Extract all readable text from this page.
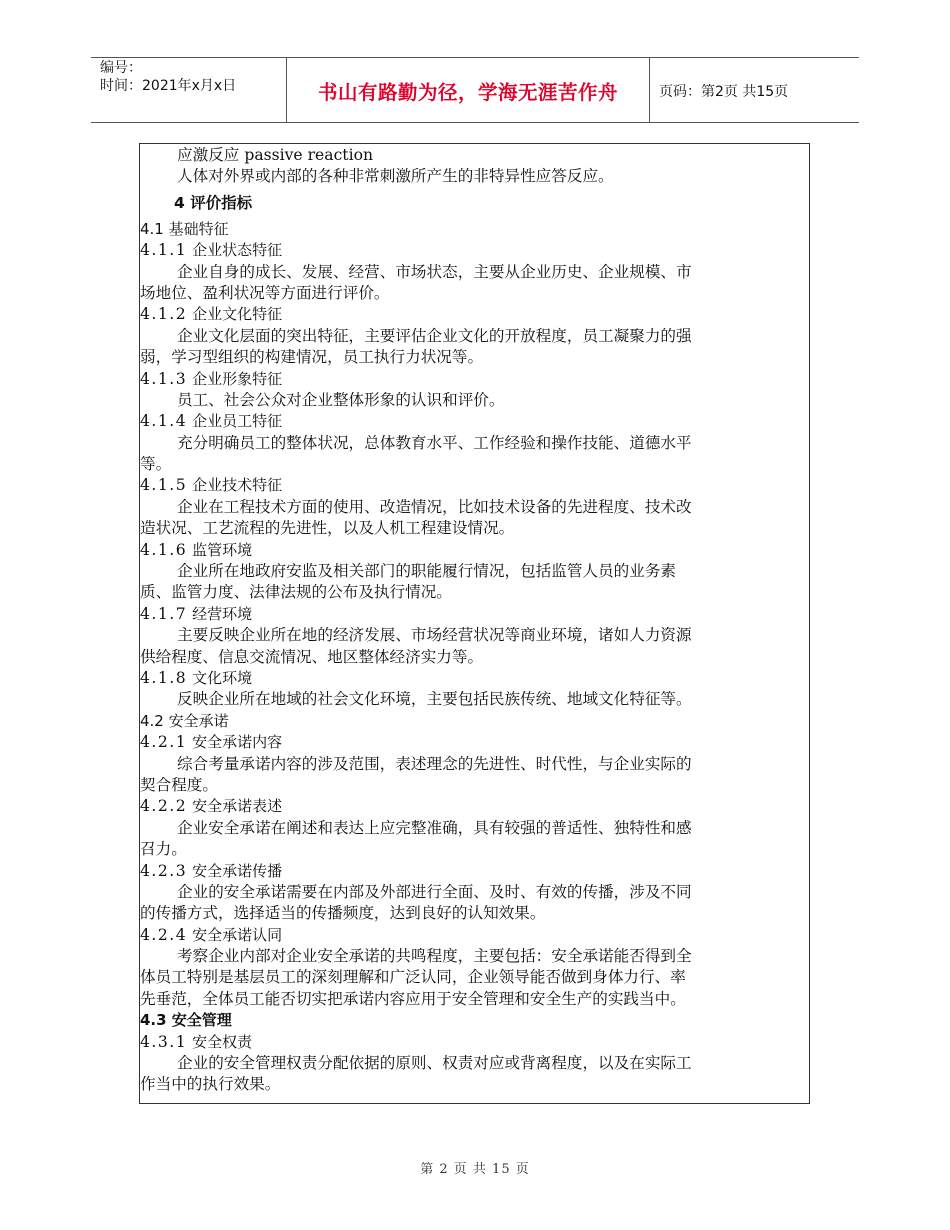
编号：
时间：2021年x月x日	书山有路勤为径，学海无涯苦作舟	页码：第2页 共15页
应激反应 passive reaction
人体对外界或内部的各种非常刺激所产生的非特异性应答反应。
4 评价指标
4.1 基础特征
4.1.1 企业状态特征
企业自身的成长、发展、经营、市场状态，主要从企业历史、企业规模、市
场地位、盈利状况等方面进行评价。
4.1.2 企业文化特征
企业文化层面的突出特征，主要评估企业文化的开放程度，员工凝聚力的强
弱，学习型组织的构建情况，员工执行力状况等。
4.1.3 企业形象特征
员工、社会公众对企业整体形象的认识和评价。
4.1.4 企业员工特征
充分明确员工的整体状况，总体教育水平、工作经验和操作技能、道德水平
等。
4.1.5 企业技术特征
企业在工程技术方面的使用、改造情况，比如技术设备的先进程度、技术改
造状况、工艺流程的先进性，以及人机工程建设情况。
4.1.6 监管环境
企业所在地政府安监及相关部门的职能履行情况，包括监管人员的业务素
质、监管力度、法律法规的公布及执行情况。
4.1.7 经营环境
主要反映企业所在地的经济发展、市场经营状况等商业环境，诸如人力资源
供给程度、信息交流情况、地区整体经济实力等。
4.1.8 文化环境
反映企业所在地域的社会文化环境，主要包括民族传统、地域文化特征等。
4.2 安全承诺
4.2.1 安全承诺内容
综合考量承诺内容的涉及范围，表述理念的先进性、时代性，与企业实际的
契合程度。
4.2.2 安全承诺表述
企业安全承诺在阐述和表达上应完整准确，具有较强的普适性、独特性和感
召力。
4.2.3 安全承诺传播
企业的安全承诺需要在内部及外部进行全面、及时、有效的传播，涉及不同
的传播方式，选择适当的传播频度，达到良好的认知效果。
4.2.4 安全承诺认同
考察企业内部对企业安全承诺的共鸣程度，主要包括：安全承诺能否得到全
体员工特别是基层员工的深刻理解和广泛认同，企业领导能否做到身体力行、率
先垂范，全体员工能否切实把承诺内容应用于安全管理和安全生产的实践当中。
4.3 安全管理
4.3.1 安全权责
企业的安全管理权责分配依据的原则、权责对应或背离程度，以及在实际工
作当中的执行效果。
第 2 页 共 15 页
